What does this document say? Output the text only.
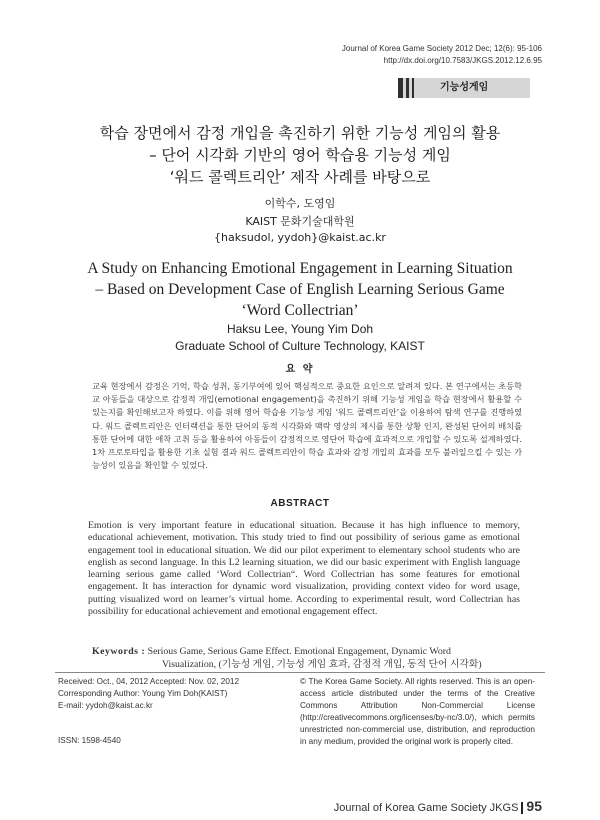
Journal of Korea Game Society 2012 Dec; 12(6): 95-106
http://dx.doi.org/10.7583/JKGS.2012.12.6.95
기능성게임
학습 장면에서 감정 개입을 촉진하기 위한 기능성 게임의 활용
– 단어 시각화 기반의 영어 학습용 기능성 게임
‘워드 콜렉트리안’ 제작 사례를 바탕으로
이학수, 도영임
KAIST 문화기술대학원
{haksudol, yydoh}@kaist.ac.kr
A Study on Enhancing Emotional Engagement in Learning Situation
– Based on Development Case of English Learning Serious Game
‘Word Collectrian’
Haksu Lee, Young Yim Doh
Graduate School of Culture Technology, KAIST
요 약
교육 현장에서 감정은 기억, 학습 성취, 동기부여에 있어 핵심적으로 중요한 요인으로 알려져 있다. 본 연구에서는 초등학교 아동들을 대상으로 감정적 개입(emotional engagement)을 촉진하기 위해 기능성 게임을 학습 현장에서 활용할 수 있는지를 확인해보고자 하였다. 이를 위해 영어 학습용 기능성 게임 ‘워드 콜렉트리안’을 이용하여 탐색 연구를 진행하였다. 워드 콜렉트리안은 인터랙션을 통한 단어의 동적 시각화와 맥락 영상의 제시를 통한 상황 인지, 완성된 단어의 배치를 통한 단어에 대한 애착 고취 등을 활용하여 아동들이 감정적으로 영단어 학습에 효과적으로 개입할 수 있도록 설계하였다. 1차 프로토타입을 활용한 기초 실험 결과 워드 콜렉트리안이 학습 효과와 감정 개입의 효과를 모두 불러일으킬 수 있는 가능성이 있음을 확인할 수 있었다.
ABSTRACT
Emotion is very important feature in educational situation. Because it has high influence to memory, educational achievement, motivation. This study tried to find out possibility of serious game as emotional engagement tool in educational situation. We did our pilot experiment to elementary school students who are english as second language. In this L2 learning situation, we did our basic experiment with English language learning serious game called ‘Word Collectrian“. Word Collectrian has some features for emotional engagement. It has interaction for dynamic word visualization, providing context video for word usage, putting visualized word on learner’s virtual home. According to experimental result, word Collectrian has possibility for educational achievement and emotional engagement effect.
Keywords : Serious Game, Serious Game Effect. Emotional Engagement, Dynamic Word
Visualization, (기능성 게임, 기능성 게임 효과, 감정적 개입, 동적 단어 시각화)
Received: Oct., 04, 2012 Accepted: Nov. 02, 2012
Corresponding Author: Young Yim Doh(KAIST)
E-mail: yydoh@kaist.ac.kr
ISSN: 1598-4540
© The Korea Game Society. All rights reserved. This is an open-access article distributed under the terms of the Creative Commons Attribution Non-Commercial License (http://creativecommons.org/licenses/by-nc/3.0/), which permits unrestricted non-commercial use, distribution, and reproduction in any medium, provided the original work is properly cited.
Journal of Korea Game Society JKGS 95
